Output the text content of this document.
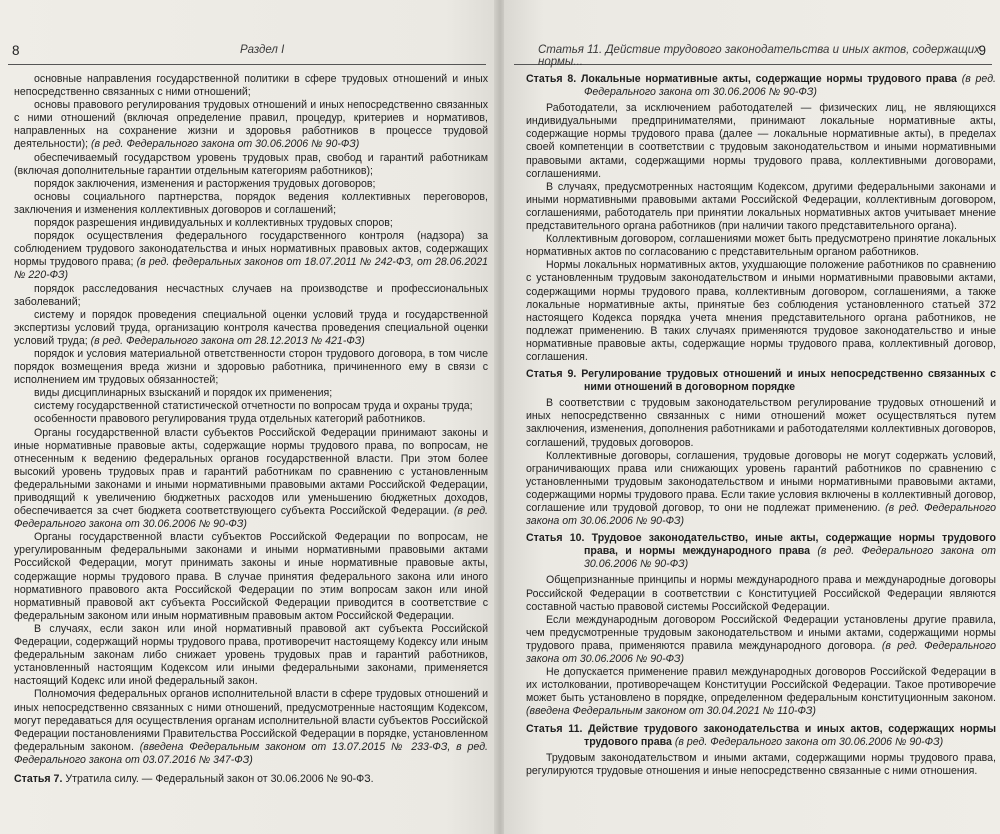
8	Раздел I

основные направления государственной политики в сфере трудовых отношений и иных непосредственно связанных с ними отношений;

основы правового регулирования трудовых отношений и иных непосредственно связанных с ними отношений (включая определение правил, процедур, критериев и нормативов, направленных на сохранение жизни и здоровья работников в процессе трудовой деятельности); (в ред. Федерального закона от 30.06.2006 № 90-ФЗ)

обеспечиваемый государством уровень трудовых прав, свобод и гарантий работникам (включая дополнительные гарантии отдельным категориям работников);

порядок заключения, изменения и расторжения трудовых договоров;

основы социального партнерства, порядок ведения коллективных переговоров, заключения и изменения коллективных договоров и соглашений;

порядок разрешения индивидуальных и коллективных трудовых споров;

порядок осуществления федерального государственного контроля (надзора) за соблюдением трудового законодательства и иных нормативных правовых актов, содержащих нормы трудового права; (в ред. федеральных законов от 18.07.2011 № 242-ФЗ, от 28.06.2021 № 220-ФЗ)

порядок расследования несчастных случаев на производстве и профессиональных заболеваний;

систему и порядок проведения специальной оценки условий труда и государственной экспертизы условий труда, организацию контроля качества проведения специальной оценки условий труда; (в ред. Федерального закона от 28.12.2013 № 421-ФЗ)

порядок и условия материальной ответственности сторон трудового договора, в том числе порядок возмещения вреда жизни и здоровью работника, причиненного ему в связи с исполнением им трудовых обязанностей;

виды дисциплинарных взысканий и порядок их применения;

систему государственной статистической отчетности по вопросам труда и охраны труда;

особенности правового регулирования труда отдельных категорий работников.

Органы государственной власти субъектов Российской Федерации принимают законы и иные нормативные правовые акты, содержащие нормы трудового права, по вопросам, не отнесенным к ведению федеральных органов государственной власти. При этом более высокий уровень трудовых прав и гарантий работникам по сравнению с установленным федеральными законами и иными нормативными правовыми актами Российской Федерации, приводящий к увеличению бюджетных расходов или уменьшению бюджетных доходов, обеспечивается за счет бюджета соответствующего субъекта Российской Федерации. (в ред. Федерального закона от 30.06.2006 № 90-ФЗ)

Органы государственной власти субъектов Российской Федерации по вопросам, не урегулированным федеральными законами и иными нормативными правовыми актами Российской Федерации, могут принимать законы и иные нормативные правовые акты, содержащие нормы трудового права. В случае принятия федерального закона или иного нормативного правового акта Российской Федерации по этим вопросам закон или иной нормативный правовой акт субъекта Российской Федерации приводится в соответствие с федеральным законом или иным нормативным правовым актом Российской Федерации.

В случаях, если закон или иной нормативный правовой акт субъекта Российской Федерации, содержащий нормы трудового права, противоречит настоящему Кодексу или иным федеральным законам либо снижает уровень трудовых прав и гарантий работников, установленный настоящим Кодексом или иными федеральными законами, применяется настоящий Кодекс или иной федеральный закон.

Полномочия федеральных органов исполнительной власти в сфере трудовых отношений и иных непосредственно связанных с ними отношений, предусмотренные настоящим Кодексом, могут передаваться для осуществления органам исполнительной власти субъектов Российской Федерации постановлениями Правительства Российской Федерации в порядке, установленном федеральным законом. (введена Федеральным законом от 13.07.2015 № 233-ФЗ, в ред. Федерального закона от 03.07.2016 № 347-ФЗ)

Статья 7. Утратила силу. — Федеральный закон от 30.06.2006 № 90-ФЗ.

Статья 11. Действие трудового законодательства и иных актов, содержащих нормы...
9

Статья 8. Локальные нормативные акты, содержащие нормы трудового права (в ред. Федерального закона от 30.06.2006 № 90-ФЗ)

Работодатели, за исключением работодателей — физических лиц, не являющихся индивидуальными предпринимателями, принимают локальные нормативные акты, содержащие нормы трудового права (далее — локальные нормативные акты), в пределах своей компетенции в соответствии с трудовым законодательством и иными нормативными правовыми актами, содержащими нормы трудового права, коллективными договорами, соглашениями.

В случаях, предусмотренных настоящим Кодексом, другими федеральными законами и иными нормативными правовыми актами Российской Федерации, коллективным договором, соглашениями, работодатель при принятии локальных нормативных актов учитывает мнение представительного органа работников (при наличии такого представительного органа).

Коллективным договором, соглашениями может быть предусмотрено принятие локальных нормативных актов по согласованию с представительным органом работников.

Нормы локальных нормативных актов, ухудшающие положение работников по сравнению с установленным трудовым законодательством и иными нормативными правовыми актами, содержащими нормы трудового права, коллективным договором, соглашениями, а также локальные нормативные акты, принятые без соблюдения установленного статьей 372 настоящего Кодекса порядка учета мнения представительного органа работников, не подлежат применению. В таких случаях применяются трудовое законодательство и иные нормативные правовые акты, содержащие нормы трудового права, коллективный договор, соглашения.

Статья 9. Регулирование трудовых отношений и иных непосредственно связанных с ними отношений в договорном порядке

В соответствии с трудовым законодательством регулирование трудовых отношений и иных непосредственно связанных с ними отношений может осуществляться путем заключения, изменения, дополнения работниками и работодателями коллективных договоров, соглашений, трудовых договоров.

Коллективные договоры, соглашения, трудовые договоры не могут содержать условий, ограничивающих права или снижающих уровень гарантий работников по сравнению с установленными трудовым законодательством и иными нормативными правовыми актами, содержащими нормы трудового права. Если такие условия включены в коллективный договор, соглашение или трудовой договор, то они не подлежат применению. (в ред. Федерального закона от 30.06.2006 № 90-ФЗ)

Статья 10. Трудовое законодательство, иные акты, содержащие нормы трудового права, и нормы международного права (в ред. Федерального закона от 30.06.2006 № 90-ФЗ)

Общепризнанные принципы и нормы международного права и международные договоры Российской Федерации в соответствии с Конституцией Российской Федерации являются составной частью правовой системы Российской Федерации.

Если международным договором Российской Федерации установлены другие правила, чем предусмотренные трудовым законодательством и иными актами, содержащими нормы трудового права, применяются правила международного договора. (в ред. Федерального закона от 30.06.2006 № 90-ФЗ)

Не допускается применение правил международных договоров Российской Федерации в их истолковании, противоречащем Конституции Российской Федерации. Такое противоречие может быть установлено в порядке, определенном федеральным конституционным законом. (введена Федеральным законом от 30.04.2021 № 110-ФЗ)

Статья 11. Действие трудового законодательства и иных актов, содержащих нормы трудового права (в ред. Федерального закона от 30.06.2006 № 90-ФЗ)

Трудовым законодательством и иными актами, содержащими нормы трудового права, регулируются трудовые отношения и иные непосредственно связанные с ними отношения.
